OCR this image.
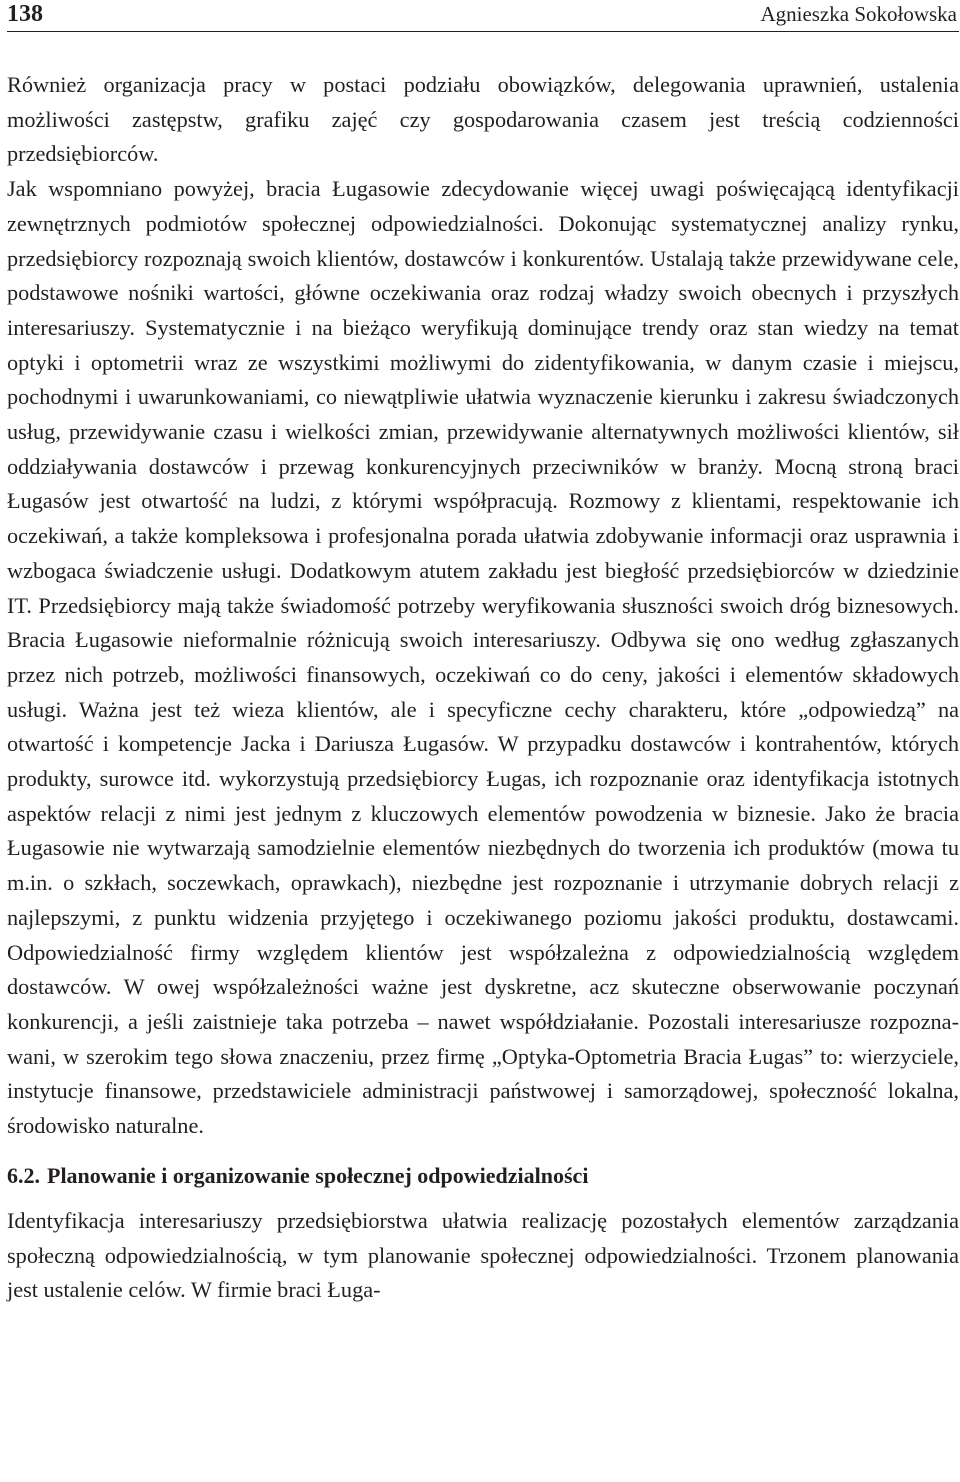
138	Agnieszka Sokołowska

Również organizacja pracy w postaci podziału obowiązków, delegowania uprawnień, ustalenia możliwości zastępstw, grafiku zajęć czy gospodarowania czasem jest treścią codzienności przedsiębiorców.

Jak wspomniano powyżej, bracia Ługasowie zdecydowanie więcej uwagi poświęcającą identyfikacji zewnętrznych podmiotów społecznej odpowiedzialności. Dokonując systematycznej analizy rynku, przedsiębiorcy rozpoznają swoich klientów, dostawców i konkurentów. Ustalają także przewidywane cele, podstawowe nośniki wartości, główne oczekiwania oraz rodzaj władzy swoich obecnych i przyszłych interesariuszy. Systematycznie i na bieżąco weryfikują dominujące trendy oraz stan wiedzy na temat optyki i optometrii wraz ze wszystkimi możliwymi do zidentyfikowania, w danym czasie i miejscu, pochodnymi i uwarunkowaniami, co niewątpliwie ułatwia wyznaczenie kierunku i zakresu świadczonych usług, przewidywanie czasu i wielkości zmian, przewidywanie alternatywnych możliwości klientów, sił oddziaływania dostawców i przewag konkurencyjnych przeciwników w branży. Mocną stroną braci Ługasów jest otwartość na ludzi, z którymi współpracują. Rozmowy z klientami, respektowanie ich oczekiwań, a także kompleksowa i profesjonalna porada ułatwia zdobywanie informacji oraz usprawnia i wzbogaca świadczenie usługi. Dodatkowym atutem zakładu jest biegłość przedsiębiorców w dziedzinie IT. Przedsiębiorcy mają także świadomość potrzeby weryfikowania słuszności swoich dróg biznesowych. Bracia Ługasowie nieformalnie różnicują swoich interesariuszy. Odbywa się ono według zgłaszanych przez nich potrzeb, możliwości finansowych, oczekiwań co do ceny, jakości i elementów składowych usługi. Ważna jest też wieza klientów, ale i specyficzne cechy charakteru, które „odpowiedzą” na otwartość i kompetencje Jacka i Dariusza Ługasów. W przypadku dostawców i kontrahentów, których produkty, surowce itd. wykorzystują przedsiębiorcy Ługas, ich rozpoznanie oraz identyfikacja istotnych aspektów relacji z nimi jest jednym z kluczowych elementów powodzenia w biznesie. Jako że bracia Ługasowie nie wytwarzają samodzielnie elementów niezbędnych do tworzenia ich produktów (mowa tu m.in. o szkłach, soczewkach, oprawkach), niezbędne jest rozpoznanie i utrzymanie dobrych relacji z najlepszymi, z punktu widzenia przyjętego i oczekiwanego poziomu jakości produktu, dostawcami. Odpowiedzialność firmy względem klientów jest współzależna z odpowiedzialnością względem dostawców. W owej współzależności ważne jest dyskretne, acz skuteczne obserwowanie poczynań konkurencji, a jeśli zaistnieje taka potrzeba – nawet współdziałanie. Pozostali interesariusze rozpoznawani, w szerokim tego słowa znaczeniu, przez firmę „Optyka-Optometria Bracia Ługas” to: wierzyciele, instytucje finansowe, przedstawiciele administracji państwowej i samorządowej, społeczność lokalna, środowisko naturalne.

6.2. Planowanie i organizowanie społecznej odpowiedzialności

Identyfikacja interesariuszy przedsiębiorstwa ułatwia realizację pozostałych elementów zarządzania społeczną odpowiedzialnością, w tym planowanie społecznej odpowiedzialności. Trzonem planowania jest ustalenie celów. W firmie braci Ługa-
